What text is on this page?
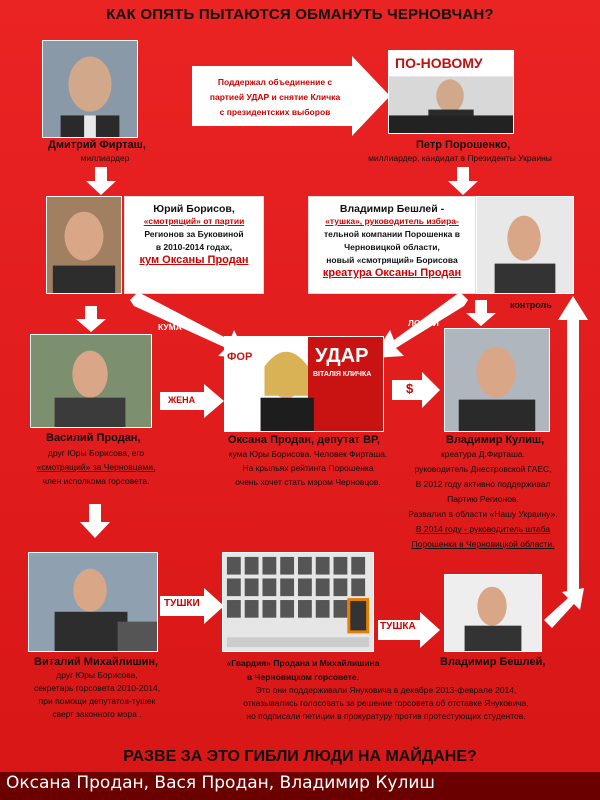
КАК ОПЯТЬ ПЫТАЮТСЯ ОБМАНУТЬ ЧЕРНОВЧАН?
Дмитрий Фирташ,
миллиардер
Поддержал объединение с
партией УДАР и снятие Кличка
с президентских выборов
ПО-НОВОМУ
Петр Порошенко,
миллиардер, кандидат в Президенты Украины
Юрий Борисов,
«смотрящий» от партии
Регионов за Буковиной
в 2010-2014 годах,
кум Оксаны Продан
Владимир Бешлей -
«тушка», руководитель избира-
тельной компании Порошенка в
Черновицкой области,
новый «смотрящий» Борисова
креатура Оксаны Продан
контроль
КУМА	ЛОББИ
Василий Продан,
друг Юры Борисова, его
«смотрящий» за Черновцами,
член исполкома горсовета.
ЖЕНА
УДАР
ВІТАЛІЯ КЛИЧКА
ФОР
Оксана Продан, депутат ВР,
кума Юры Борисова. Человек Фирташа.
На крыльях рейтинга Порошенка
очень хочет стать мэром Черновцов.
$
Владимир Кулиш,
креатура Д.Фирташа.
руководитель Днестровской ГАЕС,
В 2012 году активно поддерживал
Партию Регионов.
Развалил в области «Нашу Украину».
В 2014 году - руководитель штаба
Порошенка в Черновицкой области.
Виталий Михайлишин,
друг Юры Борисова,
секретарь горсовета 2010-2014,
при помощи депутатов-тушек
сверг законного мэра .
ТУШКИ
«Гвардия» Продана и Михайлишина
в Черновицком горсовете.
Это они поддерживали Януковича в декабре 2013-феврале 2014,
отказывались голосовать за решение горсовета об отставке Януковича,
но подписали петиции в прокуратуру против протестующих студентов.
ТУШКА
Владимир Бешлей,
РАЗВЕ ЗА ЭТО ГИБЛИ ЛЮДИ НА МАЙДАНЕ?
Оксана Продан, Вася Продан, Владимир Кулиш
